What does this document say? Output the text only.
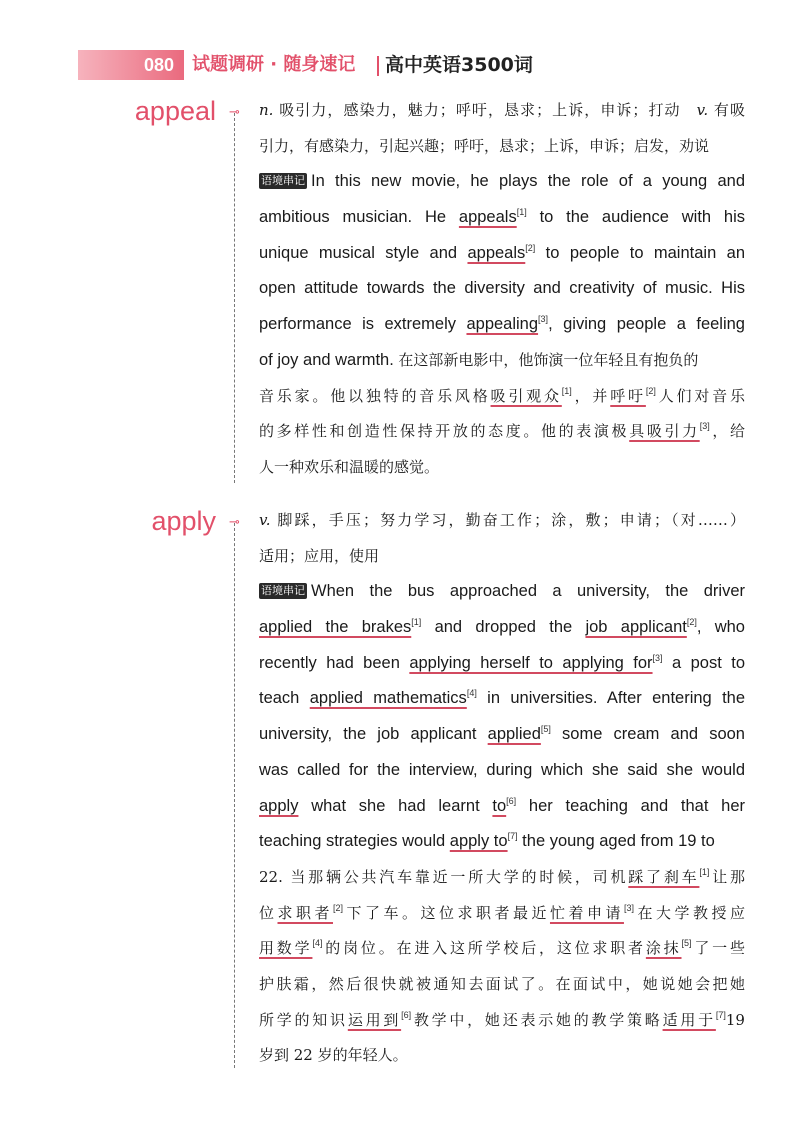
080	试题调研 · 随身速记 高中英语3500词
appeal ⊸ n. 吸引力，感染力，魅力；呼吁，恳求；上诉，申诉；打动　v. 有吸
引力，有感染力，引起兴趣；呼吁，恳求；上诉，申诉；启发，劝说
语境串记 In this new movie, he plays the role of a young and
ambitious musician. He appeals[1] to the audience with his
unique musical style and appeals[2] to people to maintain an
open attitude towards the diversity and creativity of music. His
performance is extremely appealing[3], giving people a feeling
of joy and warmth. 在这部新电影中，他饰演一位年轻且有抱负的
音乐家。他以独特的音乐风格吸引观众[1]，并呼吁[2]人们对音乐
的多样性和创造性保持开放的态度。他的表演极具吸引力[3]，给
人一种欢乐和温暖的感觉。
apply ⊸ v. 脚踩，手压；努力学习，勤奋工作；涂，敷；申请；（对……）
适用；应用，使用
语境串记 When the bus approached a university, the driver
applied the brakes[1] and dropped the job applicant[2], who
recently had been applying herself to applying for[3] a post to
teach applied mathematics[4] in universities. After entering the
university, the job applicant applied[5] some cream and soon
was called for the interview, during which she said she would
apply what she had learnt to[6] her teaching and that her
teaching strategies would apply to[7] the young aged from 19 to
22. 当那辆公共汽车靠近一所大学的时候，司机踩了刹车[1]让那
位求职者[2]下了车。这位求职者最近忙着申请[3]在大学教授应
用数学[4]的岗位。在进入这所学校后，这位求职者涂抹[5]了一些
护肤霜，然后很快就被通知去面试了。在面试中，她说她会把她
所学的知识运用到[6]教学中，她还表示她的教学策略适用于[7]19
岁到 22 岁的年轻人。
